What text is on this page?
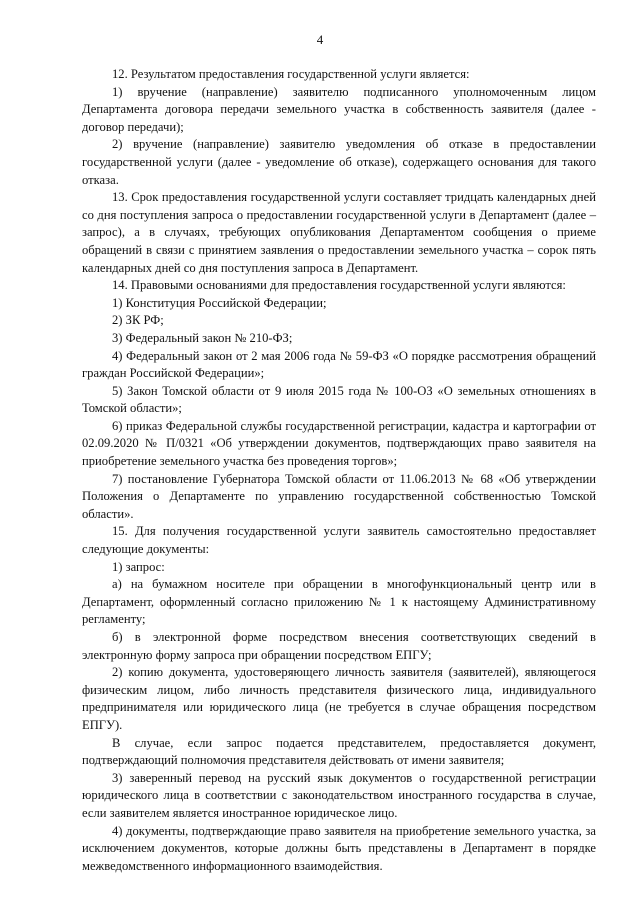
4

12. Результатом предоставления государственной услуги является:

1) вручение (направление) заявителю подписанного уполномоченным лицом Департамента договора передачи земельного участка в собственность заявителя (далее - договор передачи);

2) вручение (направление) заявителю уведомления об отказе в предоставлении государственной услуги (далее - уведомление об отказе), содержащего основания для такого отказа.

13. Срок предоставления государственной услуги составляет тридцать календарных дней со дня поступления запроса о предоставлении государственной услуги в Департамент (далее – запрос), а в случаях, требующих опубликования Департаментом сообщения о приеме обращений в связи с принятием заявления о предоставлении земельного участка – сорок пять календарных дней со дня поступления запроса в Департамент.

14. Правовыми основаниями для предоставления государственной услуги являются:

1) Конституция Российской Федерации;

2) ЗК РФ;

3) Федеральный закон № 210-ФЗ;

4) Федеральный закон от 2 мая 2006 года № 59-ФЗ «О порядке рассмотрения обращений граждан Российской Федерации»;

5) Закон Томской области от 9 июля 2015 года № 100-ОЗ «О земельных отношениях в Томской области»;

6) приказ Федеральной службы государственной регистрации, кадастра и картографии от 02.09.2020 № П/0321 «Об утверждении документов, подтверждающих право заявителя на приобретение земельного участка без проведения торгов»;

7) постановление Губернатора Томской области от 11.06.2013 № 68 «Об утверждении Положения о Департаменте по управлению государственной собственностью Томской области».

15. Для получения государственной услуги заявитель самостоятельно предоставляет следующие документы:

1) запрос:

а) на бумажном носителе при обращении в многофункциональный центр или в Департамент, оформленный согласно приложению № 1 к настоящему Административному регламенту;

б) в электронной форме посредством внесения соответствующих сведений в электронную форму запроса при обращении посредством ЕПГУ;

2) копию документа, удостоверяющего личность заявителя (заявителей), являющегося физическим лицом, либо личность представителя физического лица, индивидуального предпринимателя или юридического лица (не требуется в случае обращения посредством ЕПГУ).

В случае, если запрос подается представителем, предоставляется документ, подтверждающий полномочия представителя действовать от имени заявителя;

3) заверенный перевод на русский язык документов о государственной регистрации юридического лица в соответствии с законодательством иностранного государства в случае, если заявителем является иностранное юридическое лицо.

4) документы, подтверждающие право заявителя на приобретение земельного участка, за исключением документов, которые должны быть представлены в Департамент в порядке межведомственного информационного взаимодействия.
